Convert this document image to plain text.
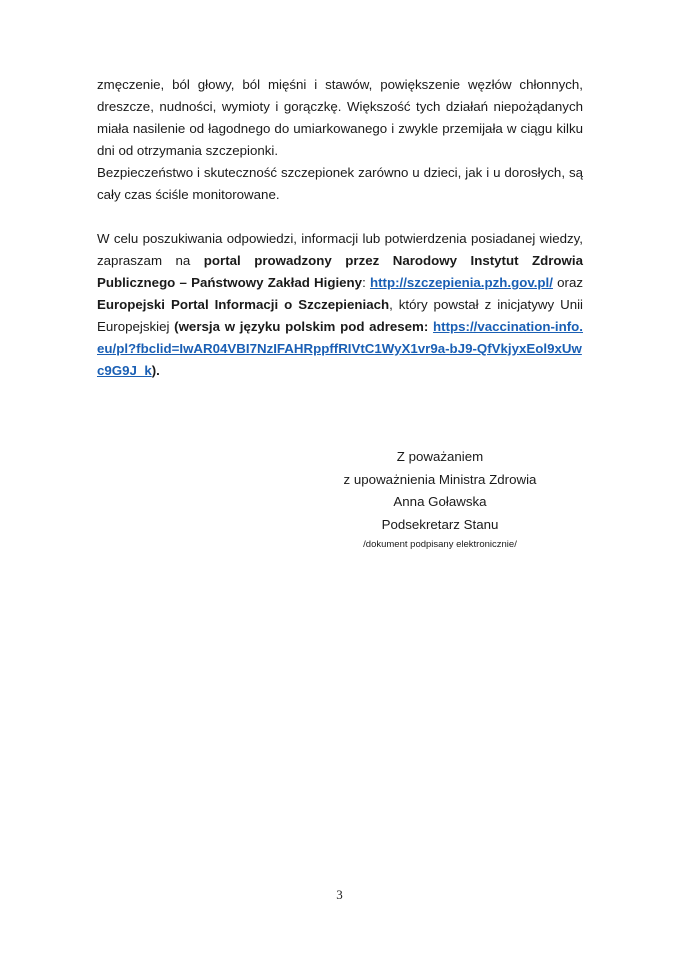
zmęczenie, ból głowy, ból mięśni i stawów, powiększenie węzłów chłonnych, dreszcze, nudności, wymioty i gorączkę. Większość tych działań niepożądanych miała nasilenie od łagodnego do umiarkowanego i zwykle przemijała w ciągu kilku dni od otrzymania szczepionki.

Bezpieczeństwo i skuteczność szczepionek zarówno u dzieci, jak i u dorosłych, są cały czas ściśle monitorowane.

W celu poszukiwania odpowiedzi, informacji lub potwierdzenia posiadanej wiedzy, zapraszam na portal prowadzony przez Narodowy Instytut Zdrowia Publicznego – Państwowy Zakład Higieny: http://szczepienia.pzh.gov.pl/ oraz Europejski Portal Informacji o Szczepieniach, który powstał z inicjatywy Unii Europejskiej (wersja w języku polskim pod adresem: https://vaccination-info.eu/pl?fbclid=IwAR04VBI7NzIFAHRppffRIVtC1WyX1vr9a-bJ9-QfVkjyxEol9xUwc9G9J_k).

Z poważaniem
z upoważnienia Ministra Zdrowia
Anna Goławska
Podsekretarz Stanu
/dokument podpisany elektronicznie/
3
